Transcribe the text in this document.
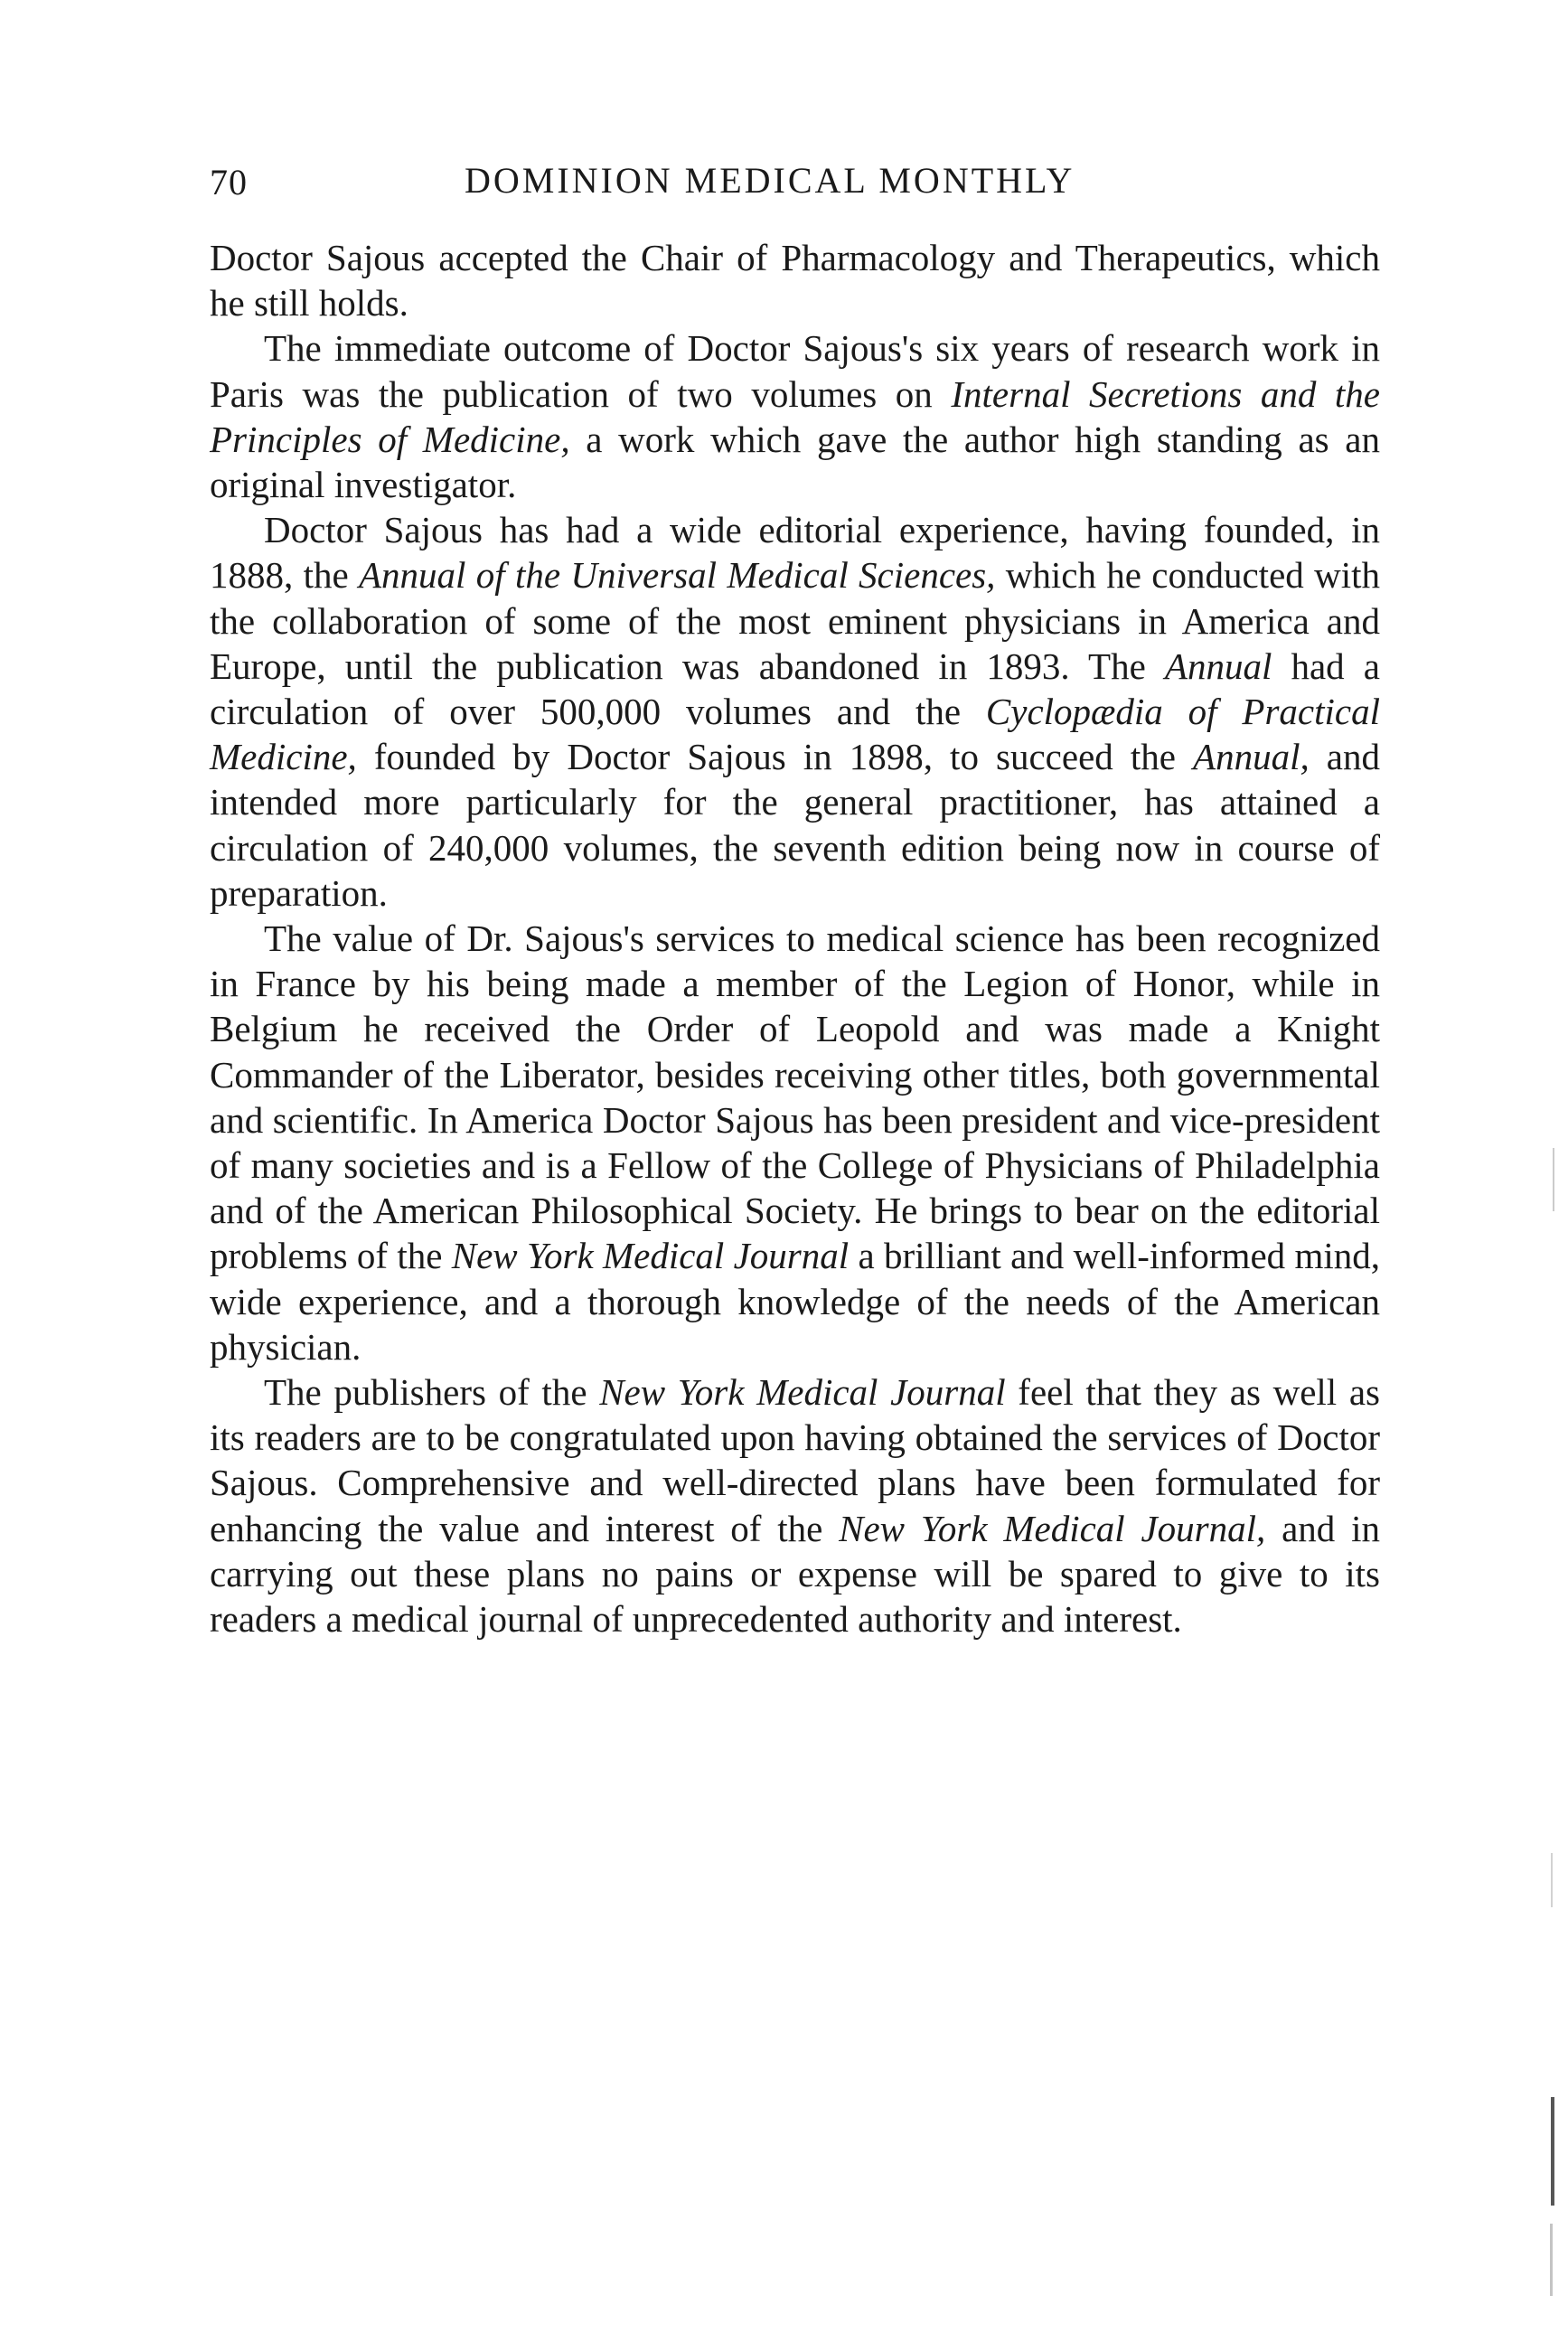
70	DOMINION MEDICAL MONTHLY

Doctor Sajous accepted the Chair of Pharmacology and Therapeutics, which he still holds.

The immediate outcome of Doctor Sajous's six years of research work in Paris was the publication of two volumes on Internal Secretions and the Principles of Medicine, a work which gave the author high standing as an original investigator.

Doctor Sajous has had a wide editorial experience, having founded, in 1888, the Annual of the Universal Medical Sciences, which he conducted with the collaboration of some of the most eminent physicians in America and Europe, until the publication was abandoned in 1893. The Annual had a circulation of over 500,000 volumes and the Cyclopædia of Practical Medicine, founded by Doctor Sajous in 1898, to succeed the Annual, and intended more particularly for the general practitioner, has attained a circulation of 240,000 volumes, the seventh edition being now in course of preparation.

The value of Dr. Sajous's services to medical science has been recognized in France by his being made a member of the Legion of Honor, while in Belgium he received the Order of Leopold and was made a Knight Commander of the Liberator, besides receiving other titles, both governmental and scientific. In America Doctor Sajous has been president and vice-president of many societies and is a Fellow of the College of Physicians of Philadelphia and of the American Philosophical Society. He brings to bear on the editorial problems of the New York Medical Journal a brilliant and well-informed mind, wide experience, and a thorough knowledge of the needs of the American physician.

The publishers of the New York Medical Journal feel that they as well as its readers are to be congratulated upon having obtained the services of Doctor Sajous. Comprehensive and well-directed plans have been formulated for enhancing the value and interest of the New York Medical Journal, and in carrying out these plans no pains or expense will be spared to give to its readers a medical journal of unprecedented authority and interest.
